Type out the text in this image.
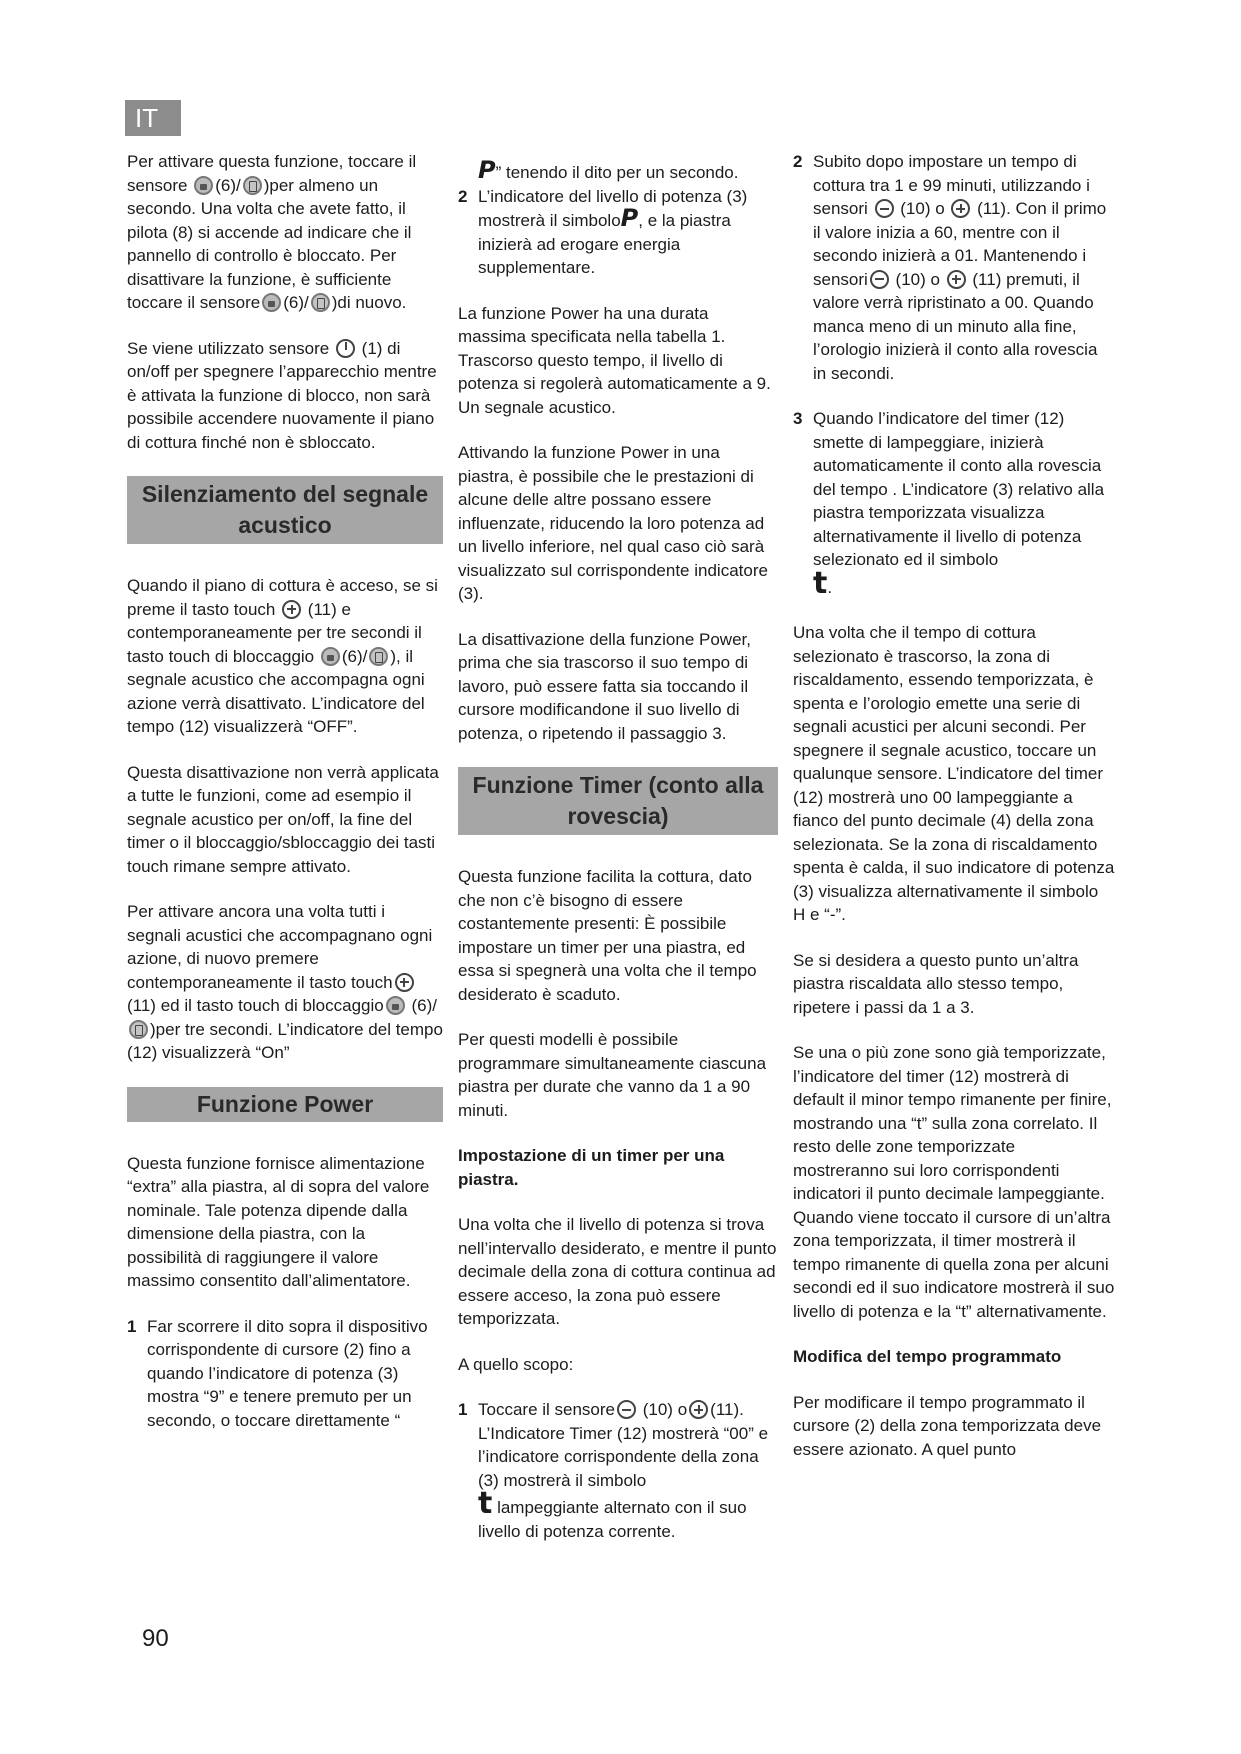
IT

Per attivare questa funzione, toccare il sensore (6)/ )per almeno un secondo. Una volta che avete fatto, il pilota (8) si accende ad indicare che il pannello di controllo è bloccato. Per disattivare la funzione, è sufficiente toccare il sensore (6)/ )di nuovo.

Se viene utilizzato sensore  (1) di on/off per spegnere l’apparecchio mentre è attivata la funzione di blocco, non sarà possibile accendere nuovamente il piano di cottura finché non è sbloccato.

Silenziamento del segnale acustico

Quando il piano di cottura è acceso, se si preme il tasto touch  (11) e contemporaneamente per tre secondi il tasto touch di bloccaggio (6)/ ), il segnale acustico che accompagna ogni azione verrà disattivato. L’indicatore del tempo (12) visualizzerà “OFF”.

Questa disattivazione non verrà applicata a tutte le funzioni, come ad esempio il segnale acustico per on/off, la fine del timer o il bloccaggio/sbloccaggio dei tasti touch rimane sempre attivato.

Per attivare ancora una volta tutti i segnali acustici che accompagnano ogni azione, di nuovo premere contemporaneamente il tasto touch (11) ed il tasto touch di bloccaggio (6)/)per tre secondi. L’indicatore del tempo (12) visualizzerà “On”

Funzione Power

Questa funzione fornisce alimentazione “extra” alla piastra, al di sopra del valore nominale. Tale potenza dipende dalla dimensione della piastra, con la possibilità di raggiungere il valore massimo consentito dall’alimentatore.

1 Far scorrere il dito sopra il dispositivo corrispondente di cursore (2) fino a quando l’indicatore di potenza (3) mostra “9” e tenere premuto per un secondo, o toccare direttamente “

P” tenendo il dito per un secondo.

2 L’indicatore del livello di potenza (3) mostrerà il simboloP, e la piastra inizierà ad erogare energia supplementare.

La funzione Power ha una durata massima specificata nella tabella 1. Trascorso questo tempo, il livello di potenza si regolerà automaticamente a 9. Un segnale acustico.

Attivando la funzione Power in una piastra, è possibile che le prestazioni di alcune delle altre possano essere influenzate, riducendo la loro potenza ad un livello inferiore, nel qual caso ciò sarà visualizzato sul corrispondente indicatore (3).

La disattivazione della funzione Power, prima che sia trascorso il suo tempo di lavoro, può essere fatta sia toccando il cursore modificandone il suo livello di potenza, o ripetendo il passaggio 3.

Funzione Timer (conto alla rovescia)

Questa funzione facilita la cottura, dato che non c’è bisogno di essere costantemente presenti: È possibile impostare un timer per una piastra, ed essa si spegnerà una volta che il tempo desiderato è scaduto.

Per questi modelli è possibile programmare simultaneamente ciascuna piastra per durate che vanno da 1 a 90 minuti.

Impostazione di un timer per una piastra.

Una volta che il livello di potenza si trova nell’intervallo desiderato, e mentre il punto decimale della zona di cottura continua ad essere acceso, la zona può essere temporizzata.

A quello scopo:

1 Toccare il sensore (10) o (11). L’Indicatore Timer (12) mostrerà “00” e l’indicatore corrispondente della zona (3) mostrerà il simbolo
t lampeggiante alternato con il suo livello di potenza corrente.
2 Subito dopo impostare un tempo di cottura tra 1 e 99 minuti, utilizzando i sensori  (10) o  (11). Con il primo il valore inizia a 60, mentre con il secondo inizierà a 01. Mantenendo i sensori (10) o  (11) premuti, il valore verrà ripristinato a 00. Quando manca meno di un minuto alla fine, l’orologio inizierà il conto alla rovescia in secondi.
3 Quando l’indicatore del timer (12) smette di lampeggiare, inizierà automaticamente il conto alla rovescia del tempo . L’indicatore (3) relativo alla piastra temporizzata visualizza alternativamente il livello di potenza selezionato ed il simbolo
t.

Una volta che il tempo di cottura selezionato è trascorso, la zona di riscaldamento, essendo temporizzata, è spenta e l’orologio emette una serie di segnali acustici per alcuni secondi. Per spegnere il segnale acustico, toccare un qualunque sensore. L’indicatore del timer (12) mostrerà uno 00 lampeggiante a fianco del punto decimale (4) della zona selezionata. Se la zona di riscaldamento spenta è calda, il suo indicatore di potenza (3) visualizza alternativamente il simbolo H e “-”.

Se si desidera a questo punto un’altra piastra riscaldata allo stesso tempo, ripetere i passi da 1 a 3.

Se una o più zone sono già temporizzate, l’indicatore del timer (12) mostrerà di default il minor tempo rimanente per finire, mostrando una “t” sulla zona correlato. Il resto delle zone temporizzate mostreranno sui loro corrispondenti indicatori il punto decimale lampeggiante. Quando viene toccato il cursore di un’altra zona temporizzata, il timer mostrerà il tempo rimanente di quella zona per alcuni secondi ed il suo indicatore mostrerà il suo livello di potenza e la “t” alternativamente.

Modifica del tempo programmato

Per modificare il tempo programmato il cursore (2) della zona temporizzata deve essere azionato. A quel punto

90
